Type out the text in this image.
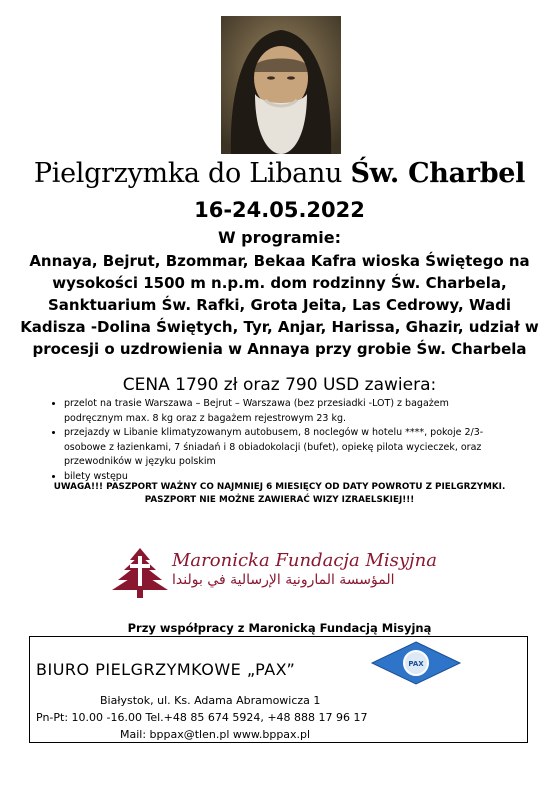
Pielgrzymka do Libanu Św. Charbel
16-24.05.2022
W programie:
Annaya, Bejrut, Bzommar, Bekaa Kafra wioska Świętego na wysokości 1500 m n.p.m. dom rodzinny Św. Charbela, Sanktuarium Św. Rafki, Grota Jeita, Las Cedrowy, Wadi Kadisza -Dolina Świętych, Tyr, Anjar, Harissa, Ghazir, udział w procesji o uzdrowienia w Annaya przy grobie Św. Charbela
CENA 1790 zł oraz 790 USD zawiera:
• przelot na trasie Warszawa – Bejrut – Warszawa (bez przesiadki -LOT) z bagażem podręcznym max. 8 kg oraz z bagażem rejestrowym 23 kg.
• przejazdy w Libanie klimatyzowanym autobusem, 8 noclegów w hotelu ****, pokoje 2/3-osobowe z łazienkami, 7 śniadań i 8 obiadokolacji (bufet), opiekę pilota wycieczek, oraz przewodników w języku polskim
• bilety wstępu
UWAGA!!! PASZPORT WAŻNY CO NAJMNIEJ 6 MIESIĘCY OD DATY POWROTU Z PIELGRZYMKI.
PASZPORT NIE MOŻNE ZAWIERAĆ WIZY IZRAELSKIEJ!!!
Maronicka Fundacja Misyjna
المؤسسة المارونية الإرسالية في بولندا
Przy współpracy z Maronicką Fundacją Misyjną
BIURO PIELGRZYMKOWE „PAX”	PAX
Białystok, ul. Ks. Adama Abramowicza 1
Pn-Pt: 10.00 -16.00 Tel.+48 85 674 5924, +48 888 17 96 17
Mail: bppax@tlen.pl www.bppax.pl
